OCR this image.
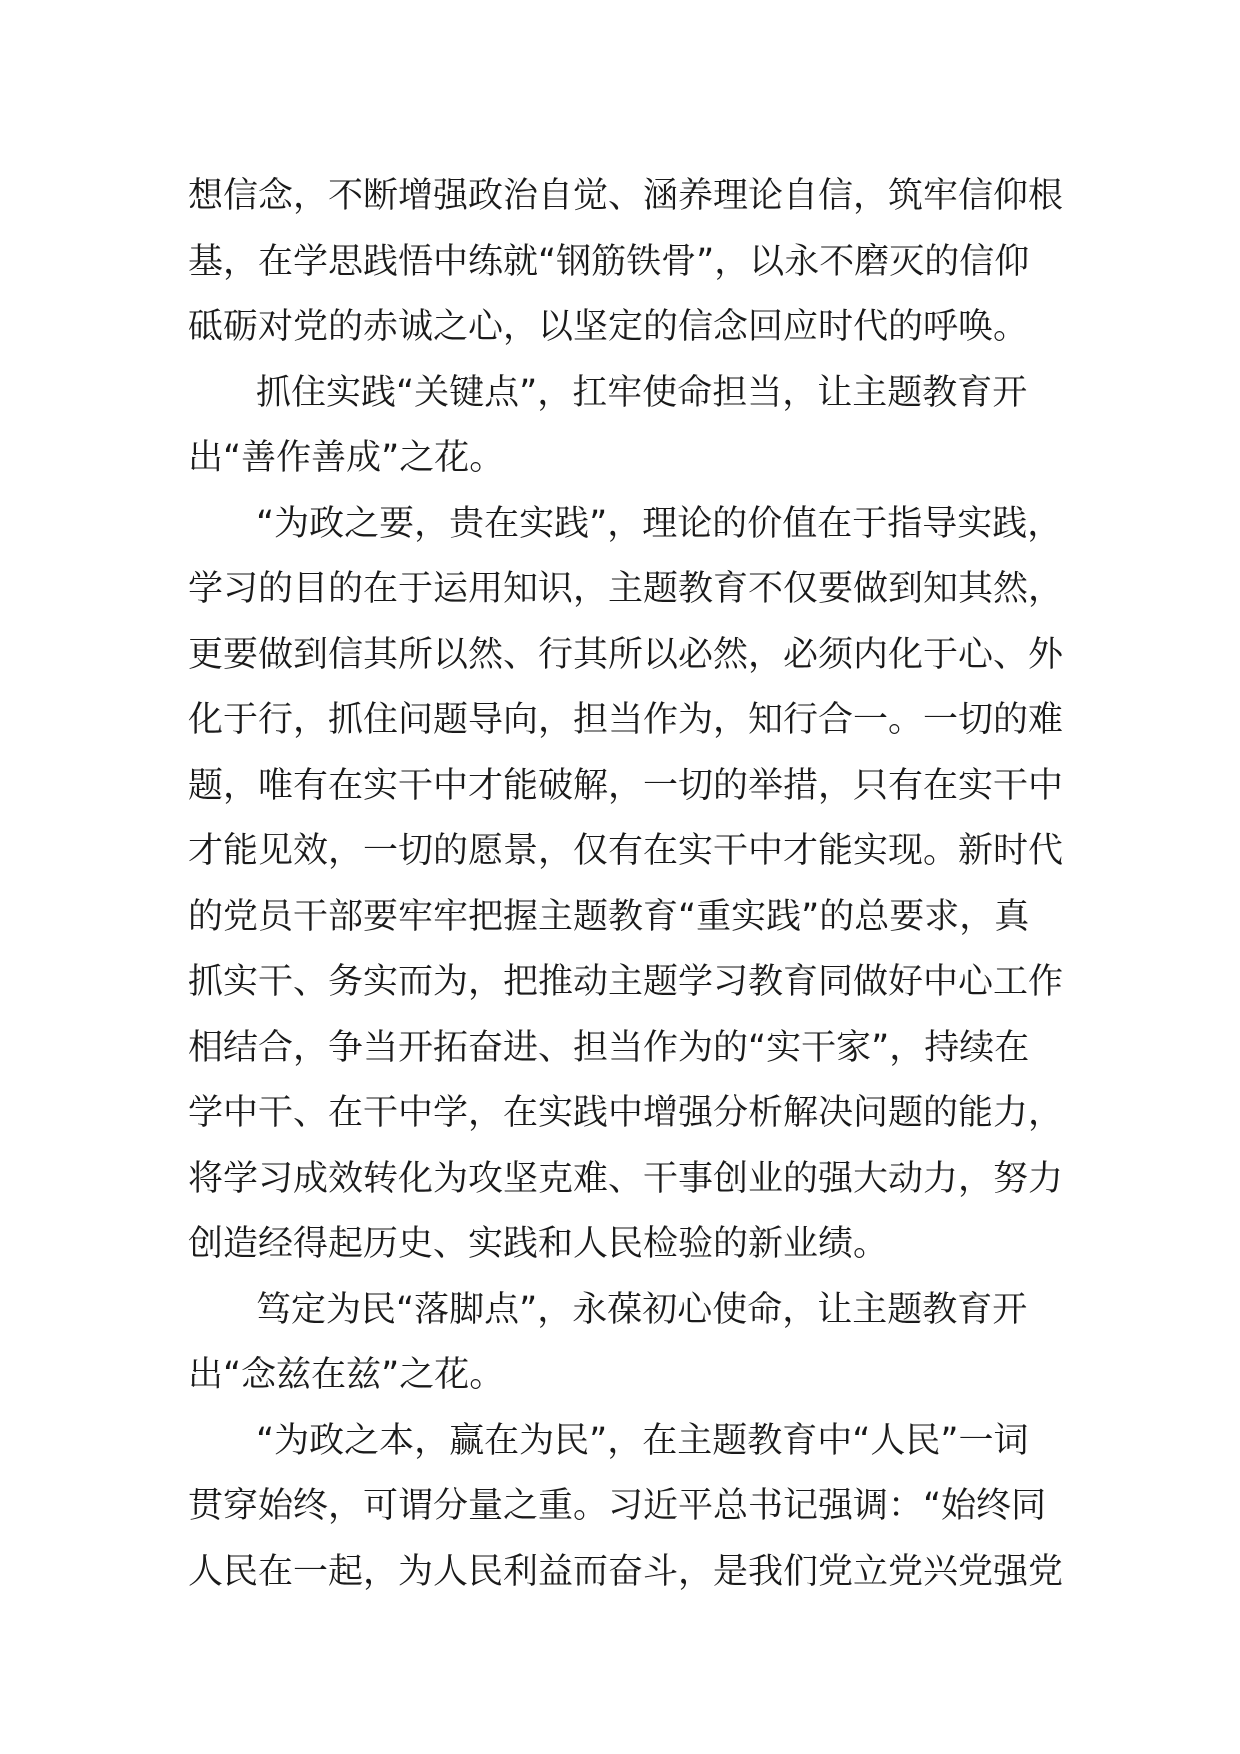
想信念，不断增强政治自觉、涵养理论自信，筑牢信仰根
基，在学思践悟中练就“钢筋铁骨”，以永不磨灭的信仰
砥砺对党的赤诚之心，以坚定的信念回应时代的呼唤。
抓住实践“关键点”，扛牢使命担当，让主题教育开
出“善作善成”之花。
“为政之要，贵在实践”，理论的价值在于指导实践，
学习的目的在于运用知识，主题教育不仅要做到知其然，
更要做到信其所以然、行其所以必然，必须内化于心、外
化于行，抓住问题导向，担当作为，知行合一。一切的难
题，唯有在实干中才能破解，一切的举措，只有在实干中
才能见效，一切的愿景，仅有在实干中才能实现。新时代
的党员干部要牢牢把握主题教育“重实践”的总要求，真
抓实干、务实而为，把推动主题学习教育同做好中心工作
相结合，争当开拓奋进、担当作为的“实干家”，持续在
学中干、在干中学，在实践中增强分析解决问题的能力，
将学习成效转化为攻坚克难、干事创业的强大动力，努力
创造经得起历史、实践和人民检验的新业绩。
笃定为民“落脚点”，永葆初心使命，让主题教育开
出“念兹在兹”之花。
“为政之本，赢在为民”，在主题教育中“人民”一词
贯穿始终，可谓分量之重。习近平总书记强调：“始终同
人民在一起，为人民利益而奋斗，是我们党立党兴党强党
